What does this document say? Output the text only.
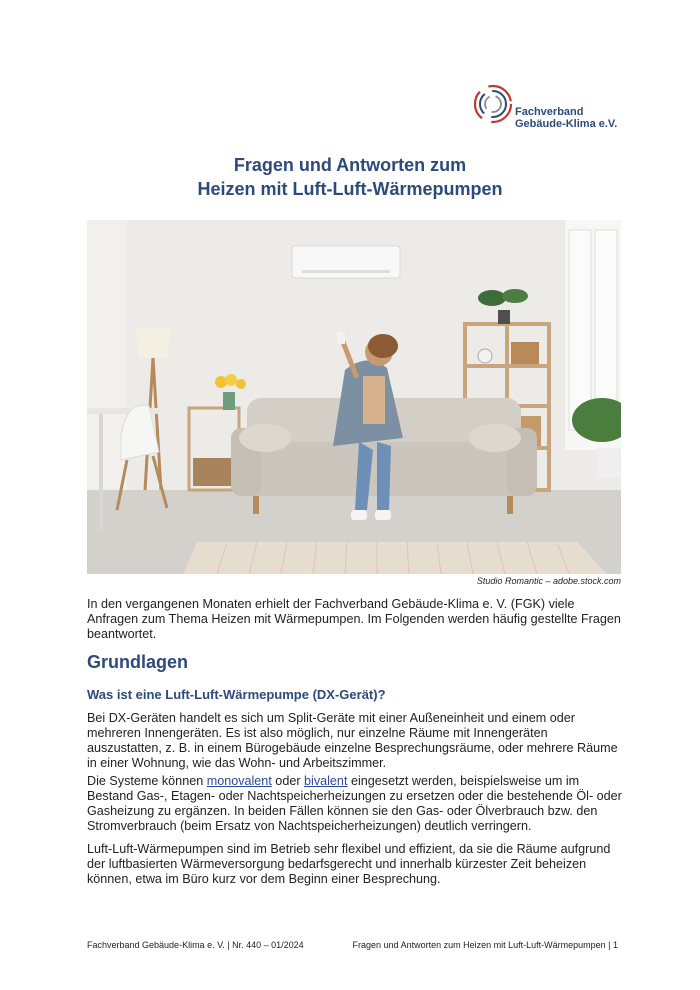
Fachverband
Gebäude-Klima e.V.
Fragen und Antworten zum
Heizen mit Luft-Luft-Wärmepumpen
Studio Romantic – adobe.stock.com
In den vergangenen Monaten erhielt der Fachverband Gebäude-Klima e. V. (FGK) viele Anfragen zum Thema Heizen mit Wärmepumpen. Im Folgenden werden häufig gestellte Fragen beantwortet.
Grundlagen
Was ist eine Luft-Luft-Wärmepumpe (DX-Gerät)?
Bei DX-Geräten handelt es sich um Split-Geräte mit einer Außeneinheit und einem oder mehreren Innengeräten. Es ist also möglich, nur einzelne Räume mit Innengeräten auszustatten, z. B. in einem Bürogebäude einzelne Besprechungsräume, oder mehrere Räume in einer Wohnung, wie das Wohn- und Arbeitszimmer.
Die Systeme können monovalent oder bivalent eingesetzt werden, beispielsweise um im Bestand Gas-, Etagen- oder Nachtspeicherheizungen zu ersetzen oder die bestehende Öl- oder Gasheizung zu ergänzen. In beiden Fällen können sie den Gas- oder Ölverbrauch bzw. den Stromverbrauch (beim Ersatz von Nachtspeicherheizungen) deutlich verringern.
Luft-Luft-Wärmepumpen sind im Betrieb sehr flexibel und effizient, da sie die Räume aufgrund der luftbasierten Wärmeversorgung bedarfsgerecht und innerhalb kürzester Zeit beheizen können, etwa im Büro kurz vor dem Beginn einer Besprechung.
Fachverband Gebäude-Klima e. V. | Nr. 440 – 01/2024	Fragen und Antworten zum Heizen mit Luft-Luft-Wärmepumpen | 1
